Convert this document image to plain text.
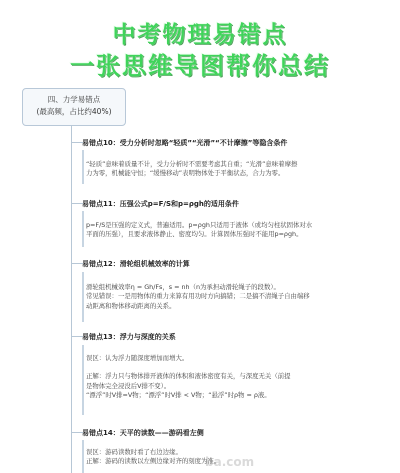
中考物理易错点
一张思维导图帮你总结
四、力学易错点
(最高频，占比约40%)
易错点10：受力分析时忽略“轻质”“光滑”“不计摩擦”等隐含条件
“轻质”意味着质量不计，受力分析时不需要考虑其自重；“光滑”意味着摩擦
力为零，机械能守恒；“缓慢移动”表明物体处于平衡状态，合力为零。
易错点11：压强公式p=F/S和p=ρgh的适用条件
p=F/S是压强的定义式，普遍适用。p=ρgh只适用于液体（或均匀柱状固体对水
平面的压强），且要求液体静止、密度均匀。计算固体压强时不能用p=ρgh。
易错点12：滑轮组机械效率的计算
滑轮组机械效率η = Gh/Fs，s = nh（n为承担动滑轮绳子的段数）。
常见错误：一是用物体的重力来算有用功时方向搞错；二是搞不清绳子自由端移
动距离和物体移动距离的关系。
易错点13：浮力与深度的关系
误区：认为浮力随深度增加而增大。
正解：浮力只与物体排开液体的体积和液体密度有关，与深度无关（前提
是物体完全浸没后V排不变）。
“漂浮”时V排=V物；“漂浮”时V排 < V物；“悬浮”时ρ物 = ρ液。
易错点14：天平的读数——游码看左侧
误区：游码读数时看了右边边缘。
正解：游码的读数以左侧边缘对齐的刻度为准。
ba.com
